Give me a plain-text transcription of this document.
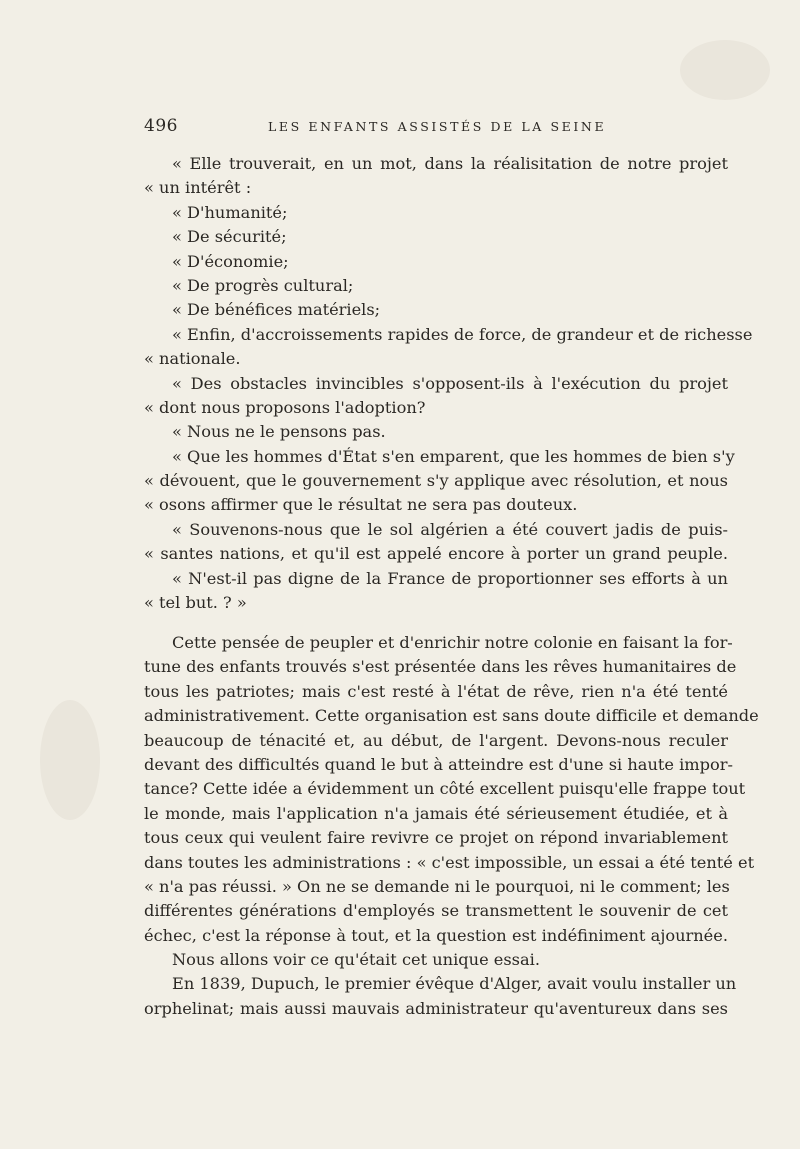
496	LES ENFANTS ASSISTÉS DE LA SEINE
« Elle trouverait, en un mot, dans la réalisitation de notre projet
« un intérêt :
« D'humanité;
« De sécurité;
« D'économie;
« De progrès cultural;
« De bénéfices matériels;
« Enfin, d'accroissements rapides de force, de grandeur et de richesse
« nationale.
« Des obstacles invincibles s'opposent-ils à l'exécution du projet
« dont nous proposons l'adoption?
« Nous ne le pensons pas.
« Que les hommes d'État s'en emparent, que les hommes de bien s'y
« dévouent, que le gouvernement s'y applique avec résolution, et nous
« osons affirmer que le résultat ne sera pas douteux.
« Souvenons-nous que le sol algérien a été couvert jadis de puis-
« santes nations, et qu'il est appelé encore à porter un grand peuple.
« N'est-il pas digne de la France de proportionner ses efforts à un
« tel but. ? »
Cette pensée de peupler et d'enrichir notre colonie en faisant la for-
tune des enfants trouvés s'est présentée dans les rêves humanitaires de
tous les patriotes; mais c'est resté à l'état de rêve, rien n'a été tenté
administrativement. Cette organisation est sans doute difficile et demande
beaucoup de ténacité et, au début, de l'argent. Devons-nous reculer
devant des difficultés quand le but à atteindre est d'une si haute impor-
tance? Cette idée a évidemment un côté excellent puisqu'elle frappe tout
le monde, mais l'application n'a jamais été sérieusement étudiée, et à
tous ceux qui veulent faire revivre ce projet on répond invariablement
dans toutes les administrations : « c'est impossible, un essai a été tenté et
« n'a pas réussi. » On ne se demande ni le pourquoi, ni le comment; les
différentes générations d'employés se transmettent le souvenir de cet
échec, c'est la réponse à tout, et la question est indéfiniment ajournée.
Nous allons voir ce qu'était cet unique essai.
En 1839, Dupuch, le premier évêque d'Alger, avait voulu installer un
orphelinat; mais aussi mauvais administrateur qu'aventureux dans ses
